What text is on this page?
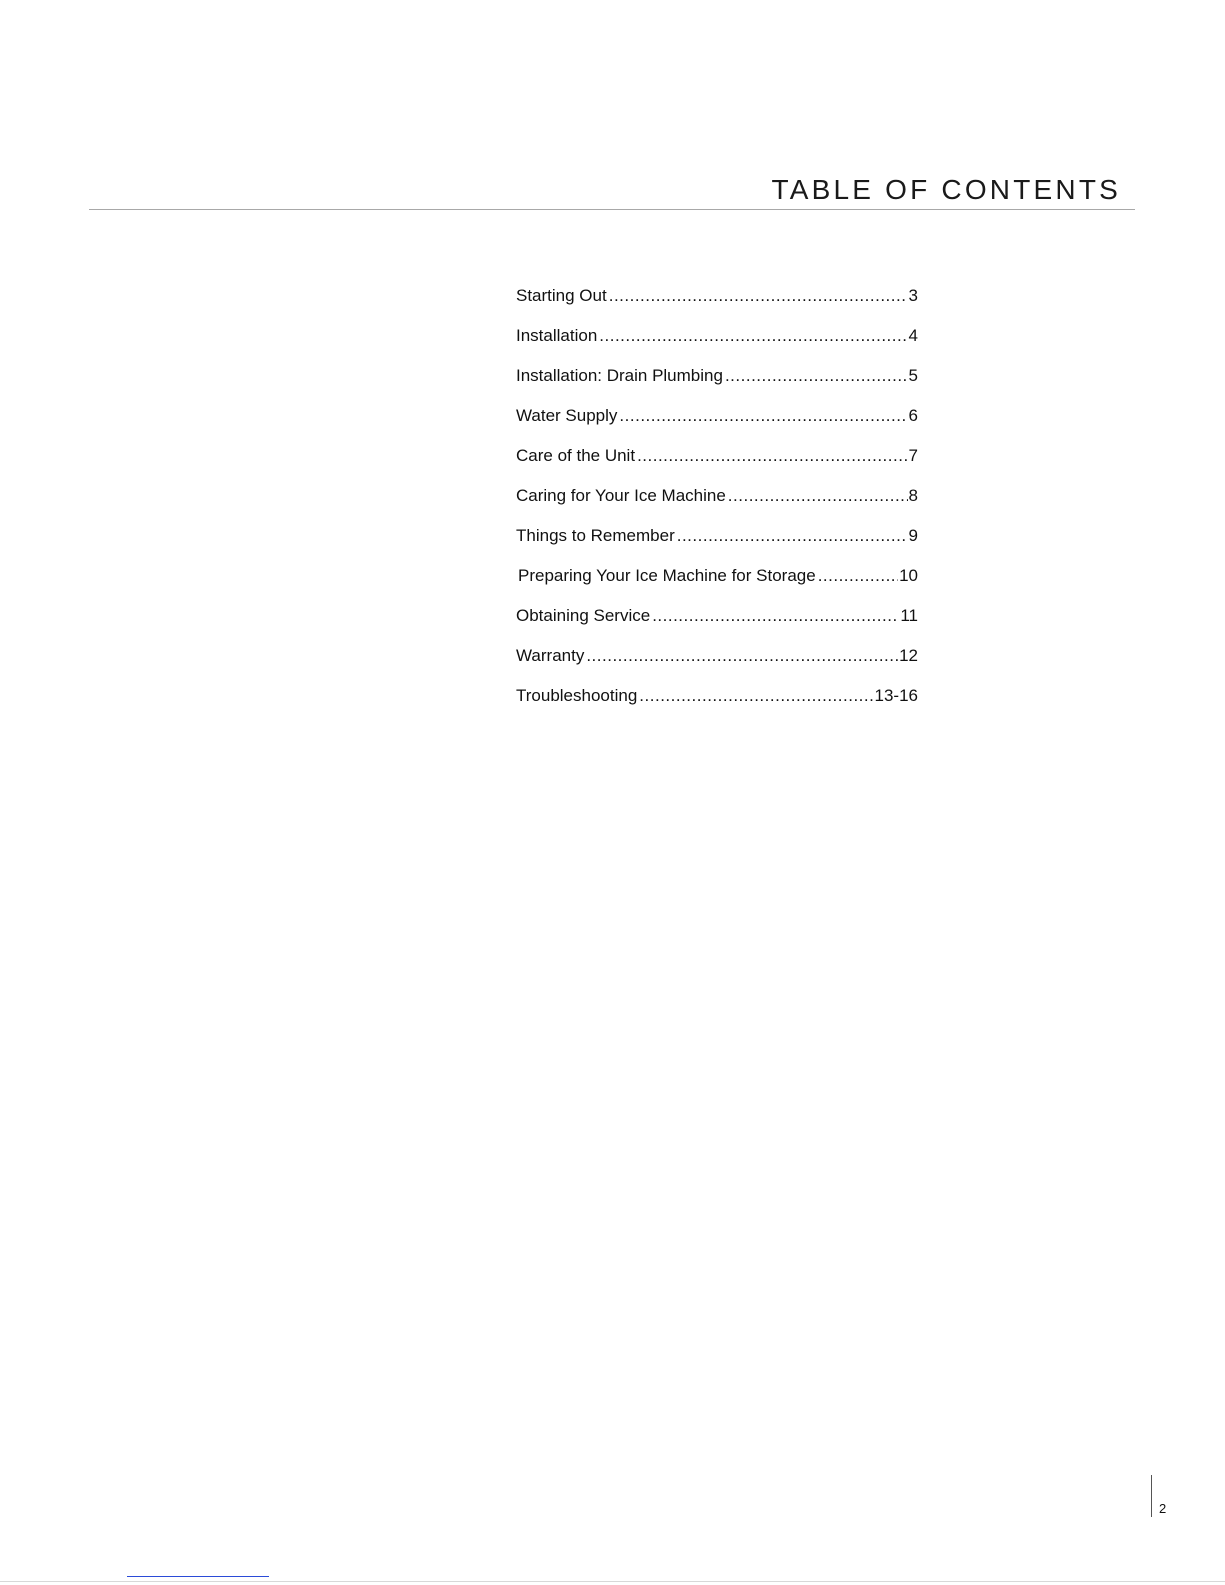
TABLE OF CONTENTS
Starting Out .....	3
Installation .....	4
Installation: Drain Plumbing .....	5
Water Supply .....	6
Care of the Unit .....	7
Caring for Your Ice Machine .....	8
Things to Remember .....	9
Preparing Your Ice Machine for Storage .....	10
Obtaining Service .....	11
Warranty .....	12
Troubleshooting .....	13-16
2
